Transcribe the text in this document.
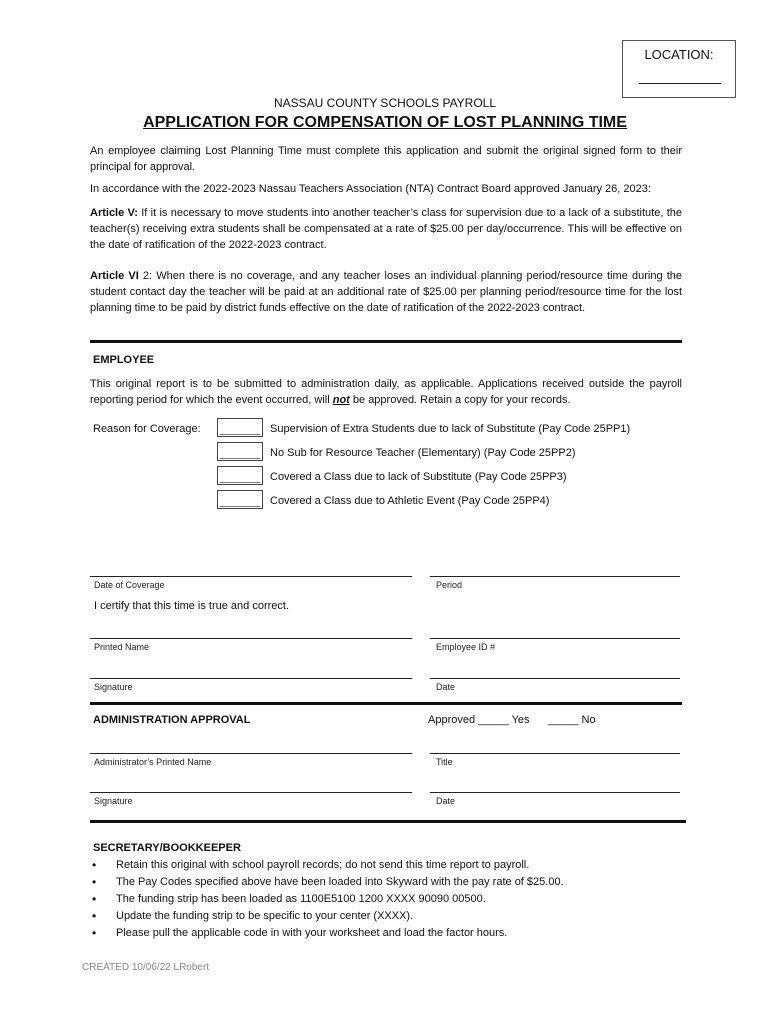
LOCATION:
NASSAU COUNTY SCHOOLS PAYROLL
APPLICATION FOR COMPENSATION OF LOST PLANNING TIME
An employee claiming Lost Planning Time must complete this application and submit the original signed form to their principal for approval.
In accordance with the 2022-2023 Nassau Teachers Association (NTA) Contract Board approved January 26, 2023:
Article V: If it is necessary to move students into another teacher’s class for supervision due to a lack of a substitute, the teacher(s) receiving extra students shall be compensated at a rate of $25.00 per day/occurrence. This will be effective on the date of ratification of the 2022-2023 contract.
Article VI 2: When there is no coverage, and any teacher loses an individual planning period/resource time during the student contact day the teacher will be paid at an additional rate of $25.00 per planning period/resource time for the lost planning time to be paid by district funds effective on the date of ratification of the 2022-2023 contract.
EMPLOYEE
This original report is to be submitted to administration daily, as applicable. Applications received outside the payroll reporting period for which the event occurred, will not be approved. Retain a copy for your records.
Reason for Coverage:	Supervision of Extra Students due to lack of Substitute (Pay Code 25PP1)
No Sub for Resource Teacher (Elementary) (Pay Code 25PP2)
Covered a Class due to lack of Substitute (Pay Code 25PP3)
Covered a Class due to Athletic Event (Pay Code 25PP4)
Date of Coverage	Period
I certify that this time is true and correct.
Printed Name	Employee ID #
Signature	Date
ADMINISTRATION APPROVAL	Approved _____ Yes      _____ No
Administrator’s Printed Name	Title
Signature	Date
SECRETARY/BOOKKEEPER
• Retain this original with school payroll records; do not send this time report to payroll.
• The Pay Codes specified above have been loaded into Skyward with the pay rate of $25.00.
• The funding strip has been loaded as 1100E5100 1200 XXXX 90090 00500.
• Update the funding strip to be specific to your center (XXXX).
• Please pull the applicable code in with your worksheet and load the factor hours.
CREATED 10/06/22 LRobert
